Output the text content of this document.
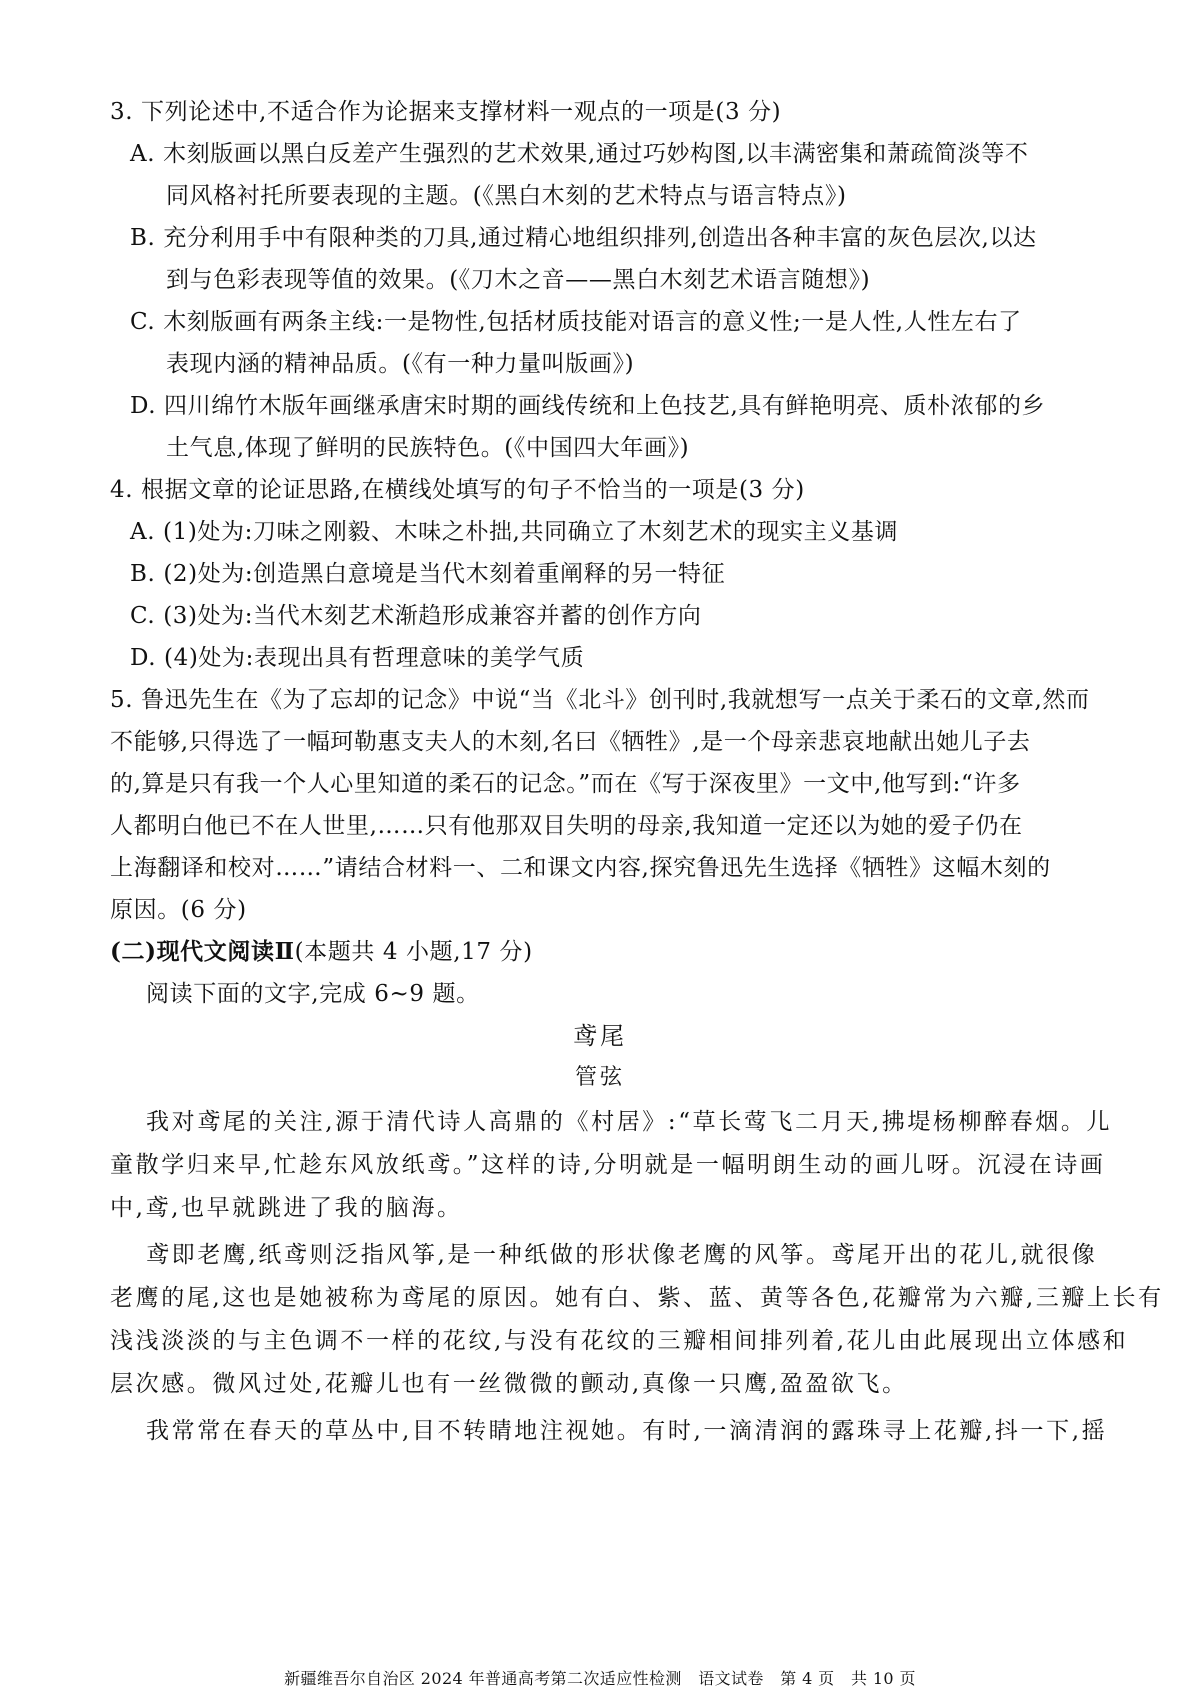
3. 下列论述中,不适合作为论据来支撑材料一观点的一项是(3 分)
A. 木刻版画以黑白反差产生强烈的艺术效果,通过巧妙构图,以丰满密集和萧疏简淡等不
同风格衬托所要表现的主题。(《黑白木刻的艺术特点与语言特点》)
B. 充分利用手中有限种类的刀具,通过精心地组织排列,创造出各种丰富的灰色层次,以达
到与色彩表现等值的效果。(《刀木之音——黑白木刻艺术语言随想》)
C. 木刻版画有两条主线:一是物性,包括材质技能对语言的意义性;一是人性,人性左右了
表现内涵的精神品质。(《有一种力量叫版画》)
D. 四川绵竹木版年画继承唐宋时期的画线传统和上色技艺,具有鲜艳明亮、质朴浓郁的乡
土气息,体现了鲜明的民族特色。(《中国四大年画》)
4. 根据文章的论证思路,在横线处填写的句子不恰当的一项是(3 分)
A. (1)处为:刀味之刚毅、木味之朴拙,共同确立了木刻艺术的现实主义基调
B. (2)处为:创造黑白意境是当代木刻着重阐释的另一特征
C. (3)处为:当代木刻艺术渐趋形成兼容并蓄的创作方向
D. (4)处为:表现出具有哲理意味的美学气质
5. 鲁迅先生在《为了忘却的记念》中说“当《北斗》创刊时,我就想写一点关于柔石的文章,然而
不能够,只得选了一幅珂勒惠支夫人的木刻,名曰《牺牲》,是一个母亲悲哀地献出她儿子去
的,算是只有我一个人心里知道的柔石的记念。”而在《写于深夜里》一文中,他写到:“许多
人都明白他已不在人世里,……只有他那双目失明的母亲,我知道一定还以为她的爱子仍在
上海翻译和校对……”请结合材料一、二和课文内容,探究鲁迅先生选择《牺牲》这幅木刻的
原因。(6 分)
(二)现代文阅读Ⅱ(本题共 4 小题,17 分)
阅读下面的文字,完成 6~9 题。
鸢尾
管弦
我对鸢尾的关注,源于清代诗人高鼎的《村居》:“草长莺飞二月天,拂堤杨柳醉春烟。儿
童散学归来早,忙趁东风放纸鸢。”这样的诗,分明就是一幅明朗生动的画儿呀。沉浸在诗画
中,鸢,也早就跳进了我的脑海。
鸢即老鹰,纸鸢则泛指风筝,是一种纸做的形状像老鹰的风筝。鸢尾开出的花儿,就很像
老鹰的尾,这也是她被称为鸢尾的原因。她有白、紫、蓝、黄等各色,花瓣常为六瓣,三瓣上长有
浅浅淡淡的与主色调不一样的花纹,与没有花纹的三瓣相间排列着,花儿由此展现出立体感和
层次感。微风过处,花瓣儿也有一丝微微的颤动,真像一只鹰,盈盈欲飞。
我常常在春天的草丛中,目不转睛地注视她。有时,一滴清润的露珠寻上花瓣,抖一下,摇
新疆维吾尔自治区 2024 年普通高考第二次适应性检测　语文试卷　第 4 页　共 10 页
